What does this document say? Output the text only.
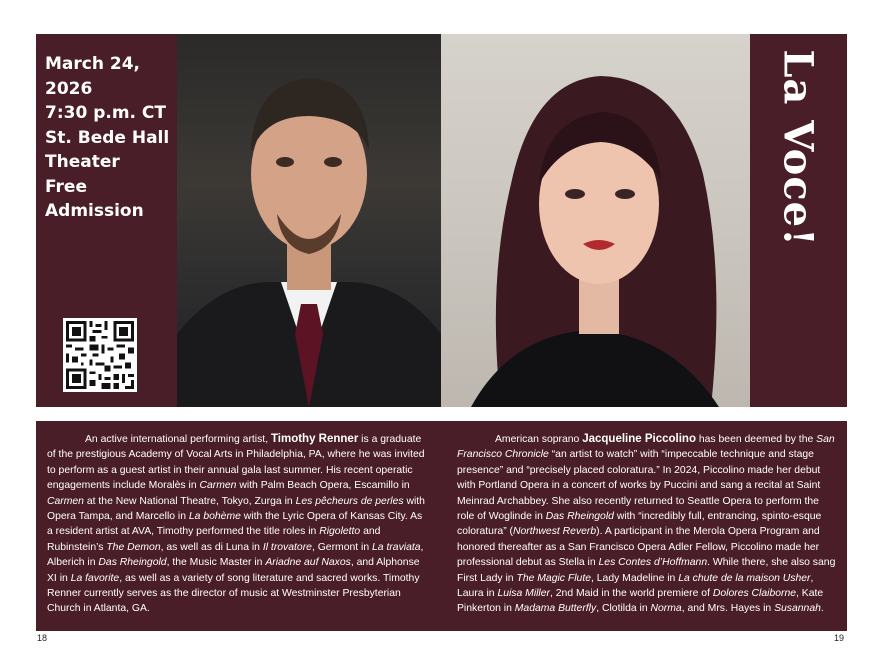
March 24,
2026
7:30 p.m. CT
St. Bede Hall
Theater
Free
Admission	La Voce!

An active international performing artist, Timothy Renner is a graduate of the prestigious Academy of Vocal Arts in Philadelphia, PA, where he was invited to perform as a guest artist in their annual gala last summer. His recent operatic engagements include Moralès in Carmen with Palm Beach Opera, Escamillo in Carmen at the New National Theatre, Tokyo, Zurga in Les pêcheurs de perles with Opera Tampa, and Marcello in La bohème with the Lyric Opera of Kansas City. As a resident artist at AVA, Timothy performed the title roles in Rigoletto and Rubinstein’s The Demon, as well as di Luna in Il trovatore, Germont in La traviata, Alberich in Das Rheingold, the Music Master in Ariadne auf Naxos, and Alphonse XI in La favorite, as well as a variety of song literature and sacred works. Timothy Renner currently serves as the director of music at Westminster Presbyterian Church in Atlanta, GA.

American soprano Jacqueline Piccolino has been deemed by the San Francisco Chronicle “an artist to watch” with “impeccable technique and stage presence” and “precisely placed coloratura.” In 2024, Piccolino made her debut with Portland Opera in a concert of works by Puccini and sang a recital at Saint Meinrad Archabbey. She also recently returned to Seattle Opera to perform the role of Woglinde in Das Rheingold with “incredibly full, entrancing, spinto-esque coloratura” (Northwest Reverb). A participant in the Merola Opera Program and honored thereafter as a San Francisco Opera Adler Fellow, Piccolino made her professional debut as Stella in Les Contes d’Hoffmann. While there, she also sang First Lady in The Magic Flute, Lady Madeline in La chute de la maison Usher, Laura in Luisa Miller, 2nd Maid in the world premiere of Dolores Claiborne, Kate Pinkerton in Madama Butterfly, Clotilda in Norma, and Mrs. Hayes in Susannah.

18	19
